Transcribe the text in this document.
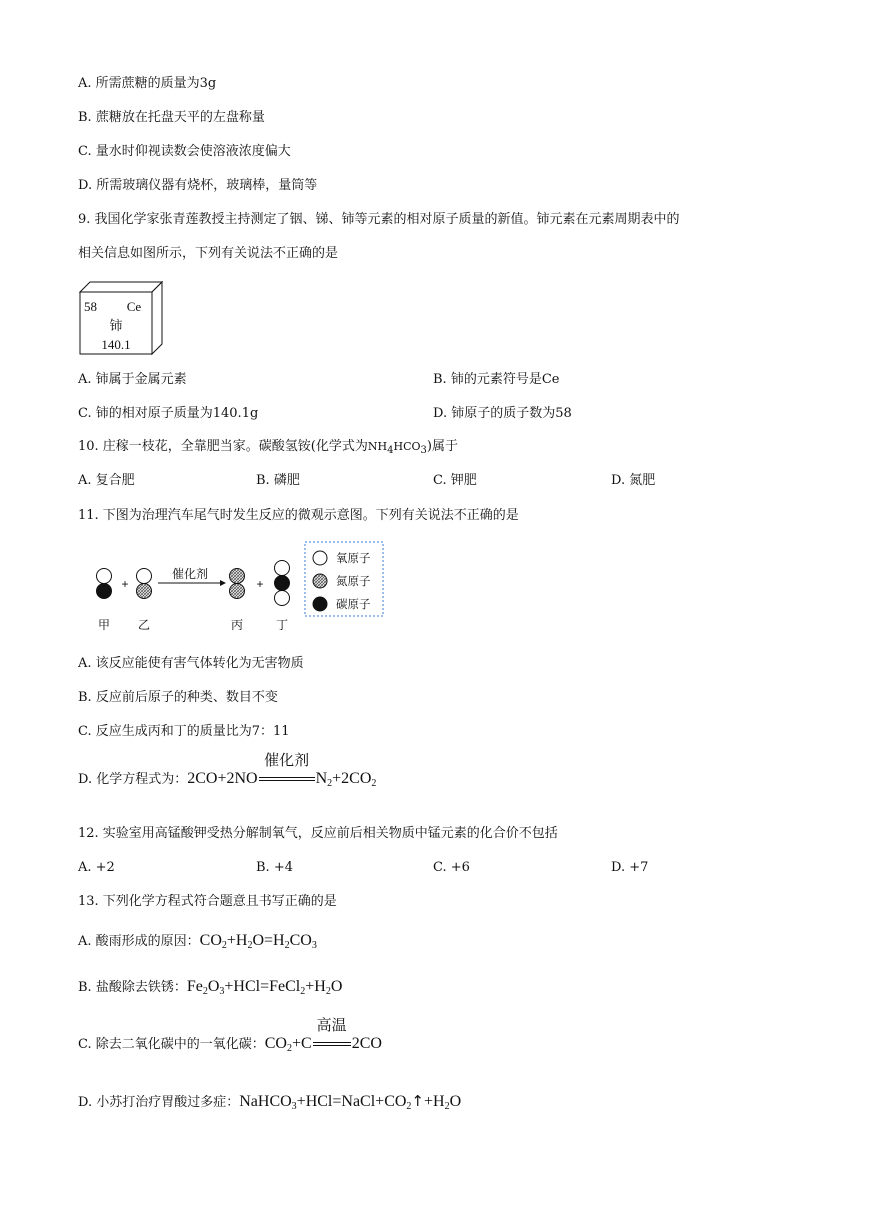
A. 所需蔗糖的质量为3g
B. 蔗糖放在托盘天平的左盘称量
C. 量水时仰视读数会使溶液浓度偏大
D. 所需玻璃仪器有烧杯，玻璃棒，量筒等
9. 我国化学家张青莲教授主持测定了铟、锑、铈等元素的相对原子质量的新值。铈元素在元素周期表中的
相关信息如图所示，下列有关说法不正确的是
58 Ce
铈
140.1
A. 铈属于金属元素	B. 铈的元素符号是Ce
C. 铈的相对原子质量为140.1g	D. 铈原子的质子数为58
10. 庄稼一枝花，全靠肥当家。碳酸氢铵(化学式为$NH_4HCO_3$)属于
A. 复合肥	B. 磷肥	C. 钾肥	D. 氮肥
11. 下图为治理汽车尾气时发生反应的微观示意图。下列有关说法不正确的是
+
催化剂
+
甲 乙	丙	丁
氧原子
氮原子
碳原子
A. 该反应能使有害气体转化为无害物质
B. 反应前后原子的种类、数目不变
C. 反应生成丙和丁的质量比为7：11
D. 化学方程式为：2CO+2NO
催化剂
$N_2+2CO_2$
12. 实验室用高锰酸钾受热分解制氧气，反应前后相关物质中锰元素的化合价不包括
A. +2	B. +4	C. +6	D. +7
13. 下列化学方程式符合题意且书写正确的是
A. 酸雨形成的原因：$CO_2+H_2O=H_2CO_3$
B. 盐酸除去铁锈：$Fe_2O_3+HCl=FeCl_2+H_2O$
C. 除去二氧化碳中的一氧化碳：$CO_2+C$
高温
2CO
D. 小苏打治疗胃酸过多症：$NaHCO_3+HCl=NaCl+CO_2↑+H_2O$
